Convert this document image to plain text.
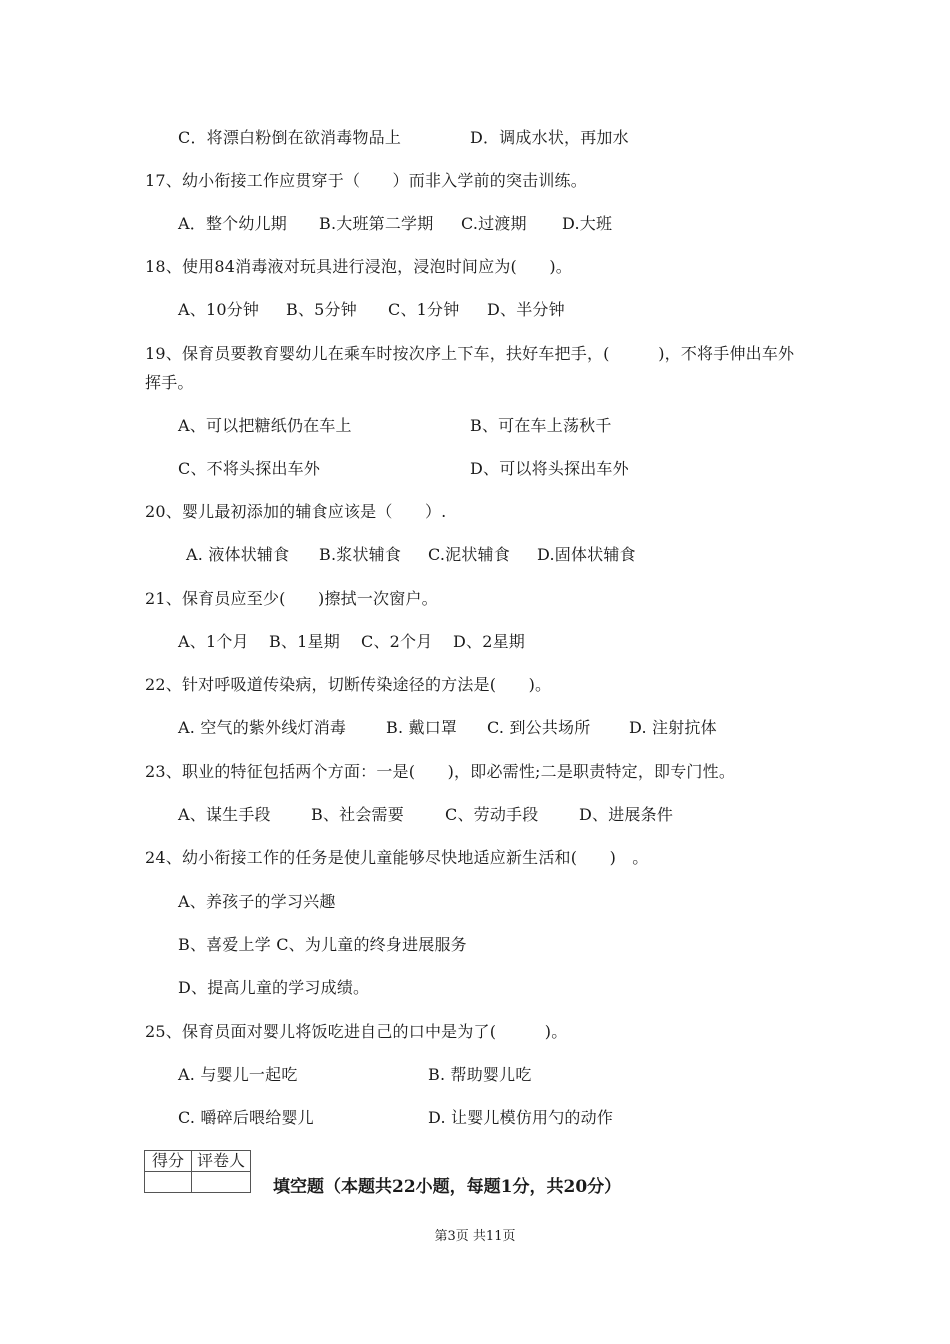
C．将漂白粉倒在欲消毒物品上	D．调成水状，再加水
17、幼小衔接工作应贯穿于（　　）而非入学前的突击训练。
A．整个幼儿期 B.大班第二学期 C.过渡期 D.大班
18、使用84消毒液对玩具进行浸泡，浸泡时间应为(　　)。
A、10分钟 B、5分钟 C、1分钟 D、半分钟
19、保育员要教育婴幼儿在乘车时按次序上下车，扶好车把手，(　　　)，不将手伸出车外
挥手。
A、可以把糖纸仍在车上	B、可在车上荡秋千
C、不将头探出车外	D、可以将头探出车外
20、婴儿最初添加的辅食应该是（　　）.
A. 液体状辅食 B.浆状辅食 C.泥状辅食 D.固体状辅食
21、保育员应至少(　　)擦拭一次窗户。
A、1个月 B、1星期 C、2个月 D、2星期
22、针对呼吸道传染病，切断传染途径的方法是(　　)。
A. 空气的紫外线灯消毒 B. 戴口罩 C. 到公共场所 D. 注射抗体
23、职业的特征包括两个方面：一是(　　)，即必需性;二是职责特定，即专门性。
A、谋生手段	B、社会需要	C、劳动手段	D、进展条件
24、幼小衔接工作的任务是使儿童能够尽快地适应新生活和(　　)　。
A、养孩子的学习兴趣
B、喜爱上学 C、为儿童的终身进展服务
D、提高儿童的学习成绩。
25、保育员面对婴儿将饭吃进自己的口中是为了(　　　)。
A. 与婴儿一起吃	B. 帮助婴儿吃
C. 嚼碎后喂给婴儿	D. 让婴儿模仿用勺的动作
得分	评卷人

填空题（本题共22小题，每题1分，共20分）
第3页 共11页
